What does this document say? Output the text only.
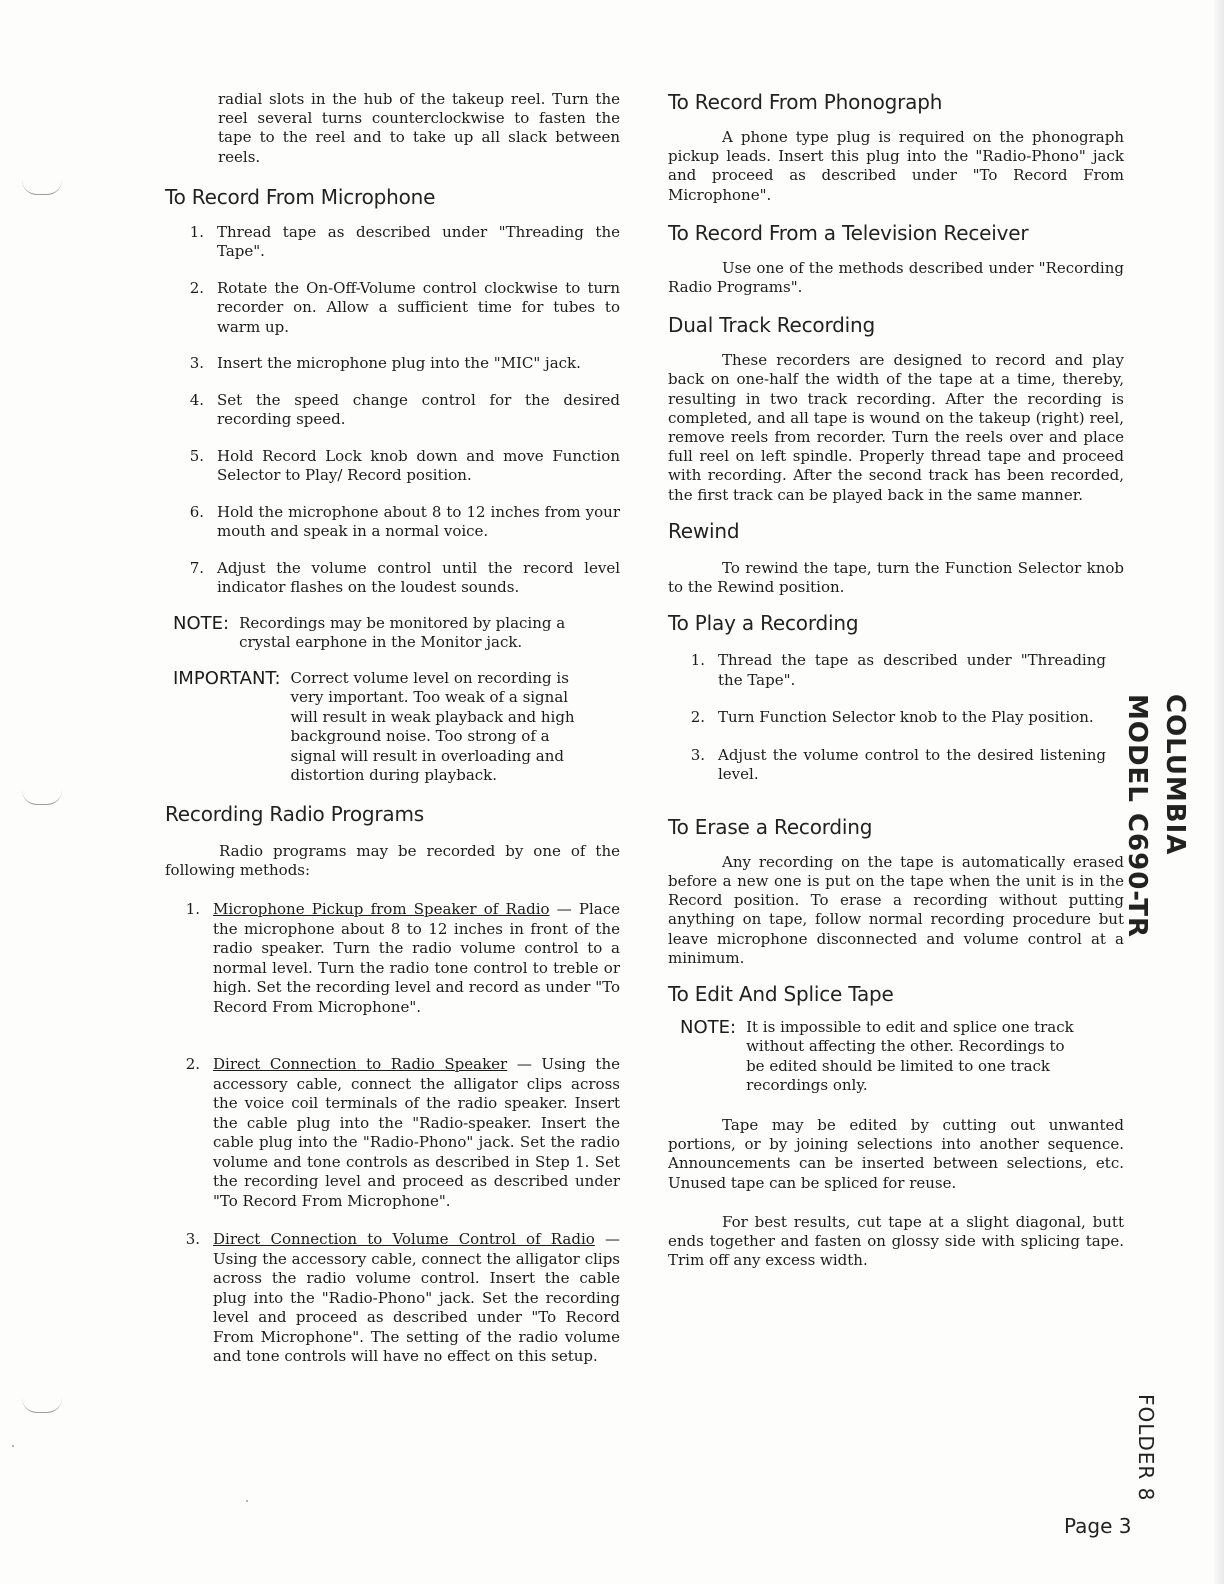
radial slots in the hub of the takeup reel. Turn the reel several turns counterclockwise to fasten the tape to the reel and to take up all slack between reels.

To Record From Microphone
1. Thread tape as described under "Threading the Tape".
2. Rotate the On-Off-Volume control clockwise to turn recorder on. Allow a sufficient time for tubes to warm up.
3. Insert the microphone plug into the "MIC" jack.
4. Set the speed change control for the desired recording speed.
5. Hold Record Lock knob down and move Function Selector to Play/ Record position.
6. Hold the microphone about 8 to 12 inches from your mouth and speak in a normal voice.
7. Adjust the volume control until the record level indicator flashes on the loudest sounds.
NOTE: Recordings may be monitored by placing a crystal earphone in the Monitor jack.
IMPORTANT: Correct volume level on recording is very important. Too weak of a signal will result in weak playback and high background noise. Too strong of a signal will result in overloading and distortion during playback.
Recording Radio Programs

Radio programs may be recorded by one of the following methods:

1. Microphone Pickup from Speaker of Radio — Place the microphone about 8 to 12 inches in front of the radio speaker. Turn the radio volume control to a normal level. Turn the radio tone control to treble or high. Set the recording level and record as under "To Record From Microphone".
2. Direct Connection to Radio Speaker — Using the accessory cable, connect the alligator clips across the voice coil terminals of the radio speaker. Insert the cable plug into the "Radio-speaker. Insert the cable plug into the "Radio-Phono" jack. Set the radio volume and tone controls as described in Step 1. Set the recording level and proceed as described under "To Record From Microphone".
3. Direct Connection to Volume Control of Radio — Using the accessory cable, connect the alligator clips across the radio volume control. Insert the cable plug into the "Radio-Phono" jack. Set the recording level and proceed as described under "To Record From Microphone". The setting of the radio volume and tone controls will have no effect on this setup.
To Record From Phonograph

A phone type plug is required on the phonograph pickup leads. Insert this plug into the "Radio-Phono" jack and proceed as described under "To Record From Microphone".

To Record From a Television Receiver

Use one of the methods described under "Recording Radio Programs".

Dual Track Recording

These recorders are designed to record and play back on one-half the width of the tape at a time, thereby, resulting in two track recording. After the recording is completed, and all tape is wound on the takeup (right) reel, remove reels from recorder. Turn the reels over and place full reel on left spindle. Properly thread tape and proceed with recording. After the second track has been recorded, the first track can be played back in the same manner.

Rewind

To rewind the tape, turn the Function Selector knob to the Rewind position.

To Play a Recording
1. Thread the tape as described under "Threading the Tape".
2. Turn Function Selector knob to the Play position.
3. Adjust the volume control to the desired listening level.
To Erase a Recording

Any recording on the tape is automatically erased before a new one is put on the tape when the unit is in the Record position. To erase a recording without putting anything on tape, follow normal recording procedure but leave microphone disconnected and volume control at a minimum.

To Edit And Splice Tape
NOTE: It is impossible to edit and splice one track without affecting the other. Recordings to be edited should be limited to one track recordings only.

Tape may be edited by cutting out unwanted portions, or by joining selections into another sequence. Announcements can be inserted between selections, etc. Unused tape can be spliced for reuse.

For best results, cut tape at a slight diagonal, butt ends together and fasten on glossy side with splicing tape. Trim off any excess width.

COLUMBIA
MODEL C690-TR
FOLDER 8
Page 3
